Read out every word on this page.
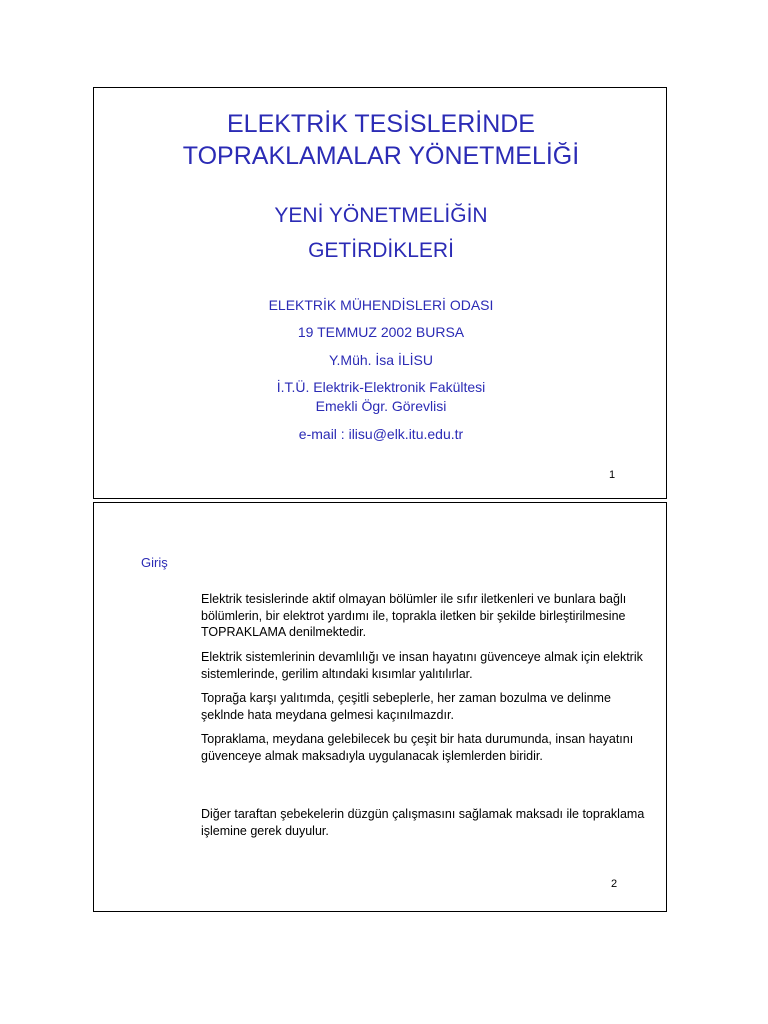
ELEKTRİK TESİSLERİNDE
TOPRAKLAMALAR YÖNETMELİĞİ
YENİ YÖNETMELİĞİN
GETİRDİKLERİ
ELEKTRİK MÜHENDİSLERİ ODASI
19 TEMMUZ 2002 BURSA
Y.Müh. İsa İLİSU
İ.T.Ü. Elektrik-Elektronik Fakültesi
Emekli Ögr. Görevlisi
e-mail : ilisu@elk.itu.edu.tr
1
Giriş

Elektrik tesislerinde aktif olmayan bölümler ile sıfır iletkenleri ve bunlara bağlı bölümlerin, bir elektrot yardımı ile, toprakla iletken bir şekilde birleştirilmesine TOPRAKLAMA denilmektedir.

Elektrik sistemlerinin devamlılığı ve insan hayatını güvenceye almak için elektrik sistemlerinde, gerilim altındaki kısımlar yalıtılırlar.

Toprağa karşı yalıtımda, çeşitli sebeplerle, her zaman bozulma ve delinme şeklnde hata meydana gelmesi kaçınılmazdır.

Topraklama, meydana gelebilecek bu çeşit bir hata durumunda, insan hayatını güvenceye almak maksadıyla uygulanacak işlemlerden biridir.

Diğer taraftan şebekelerin düzgün çalışmasını sağlamak maksadı ile topraklama işlemine gerek duyulur.

2
